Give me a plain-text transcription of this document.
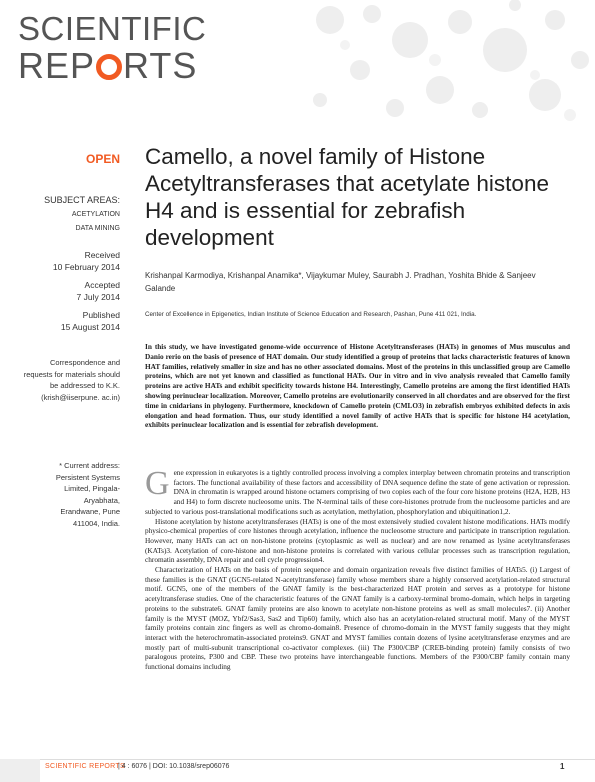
SCIENTIFIC
REP RTS
OPEN
SUBJECT AREAS:
ACETYLATION
DATA MINING
Received
10 February 2014
Accepted
7 July 2014
Published
15 August 2014
Correspondence and requests for materials should be addressed to K.K. (krish@iiserpune. ac.in)
* Current address: Persistent Systems Limited, Pingala-Aryabhata, Erandwane, Pune 411004, India.
Camello, a novel family of Histone Acetyltransferases that acetylate histone H4 and is essential for zebrafish development
Krishanpal Karmodiya, Krishanpal Anamika*, Vijaykumar Muley, Saurabh J. Pradhan, Yoshita Bhide & Sanjeev Galande
Center of Excellence in Epigenetics, Indian Institute of Science Education and Research, Pashan, Pune 411 021, India.
In this study, we have investigated genome-wide occurrence of Histone Acetyltransferases (HATs) in genomes of Mus musculus and Danio rerio on the basis of presence of HAT domain. Our study identified a group of proteins that lacks characteristic features of known HAT families, relatively smaller in size and has no other associated domains. Most of the proteins in this unclassified group are Camello proteins, which are not yet known and classified as functional HATs. Our in vitro and in vivo analysis revealed that Camello family proteins are active HATs and exhibit specificity towards histone H4. Interestingly, Camello proteins are among the first identified HATs showing perinuclear localization. Moreover, Camello proteins are evolutionarily conserved in all chordates and are observed for the first time in cnidarians in phylogeny. Furthermore, knockdown of Camello protein (CMLO3) in zebrafish embryos exhibited defects in axis elongation and head formation. Thus, our study identified a novel family of active HATs that is specific for histone H4 acetylation, exhibits perinuclear localization and is essential for zebrafish development.
G ene expression in eukaryotes is a tightly controlled process involving a complex interplay between chromatin proteins and transcription factors. The functional availability of these factors and accessibility of DNA sequence define the state of gene activation or repression. DNA in chromatin is wrapped around histone octamers comprising of two copies each of the four core histone proteins (H2A, H2B, H3 and H4) to form discrete nucleosome units. The N-terminal tails of these core-histones protrude from the nucleosome particles and are subjected to various post-translational modifications such as acetylation, methylation, phosphorylation and ubiquitination1,2.

Histone acetylation by histone acetyltransferases (HATs) is one of the most extensively studied covalent histone modifications. HATs modify physico-chemical properties of core histones through acetylation, influence the nucleosome structure and participate in transcription regulation. However, many HATs can act on non-histone proteins (cytoplasmic as well as nuclear) and are now renamed as lysine acetyltransferases (KATs)3. Acetylation of core-histone and non-histone proteins is correlated with various cellular processes such as transcription regulation, chromatin assembly, DNA repair and cell cycle progression4.

Characterization of HATs on the basis of protein sequence and domain organization reveals five distinct families of HATs5. (i) Largest of these families is the GNAT (GCN5-related N-acetyltransferase) family whose members share a highly conserved acetylation-related structural motif. GCN5, one of the members of the GNAT family is the best-characterized HAT protein and serves as a prototype for histone acetyltransferase studies. One of the characteristic features of the GNAT family is a carboxy-terminal bromo-domain, which helps in targeting proteins to the substrate6. GNAT family proteins are also known to acetylate non-histone proteins as well as small molecules7. (ii) Another family is the MYST (MOZ, Ybf2/Sas3, Sas2 and Tip60) family, which also has an acetylation-related structural motif. Many of the MYST family proteins contain zinc fingers as well as chromo-domain8. Presence of chromo-domain in the MYST family suggests that they might interact with the heterochromatin-associated proteins9. GNAT and MYST families contain dozens of lysine acetyltransferase enzymes and are mostly part of multi-subunit transcriptional co-activator complexes. (iii) The P300/CBP (CREB-binding protein) family consists of two paralogous proteins, P300 and CBP. These two proteins have interchangeable functions. Members of the P300/CBP family contain many functional domains including

SCIENTIFIC REPORTS
| 4 : 6076 | DOI: 10.1038/srep06076	1
